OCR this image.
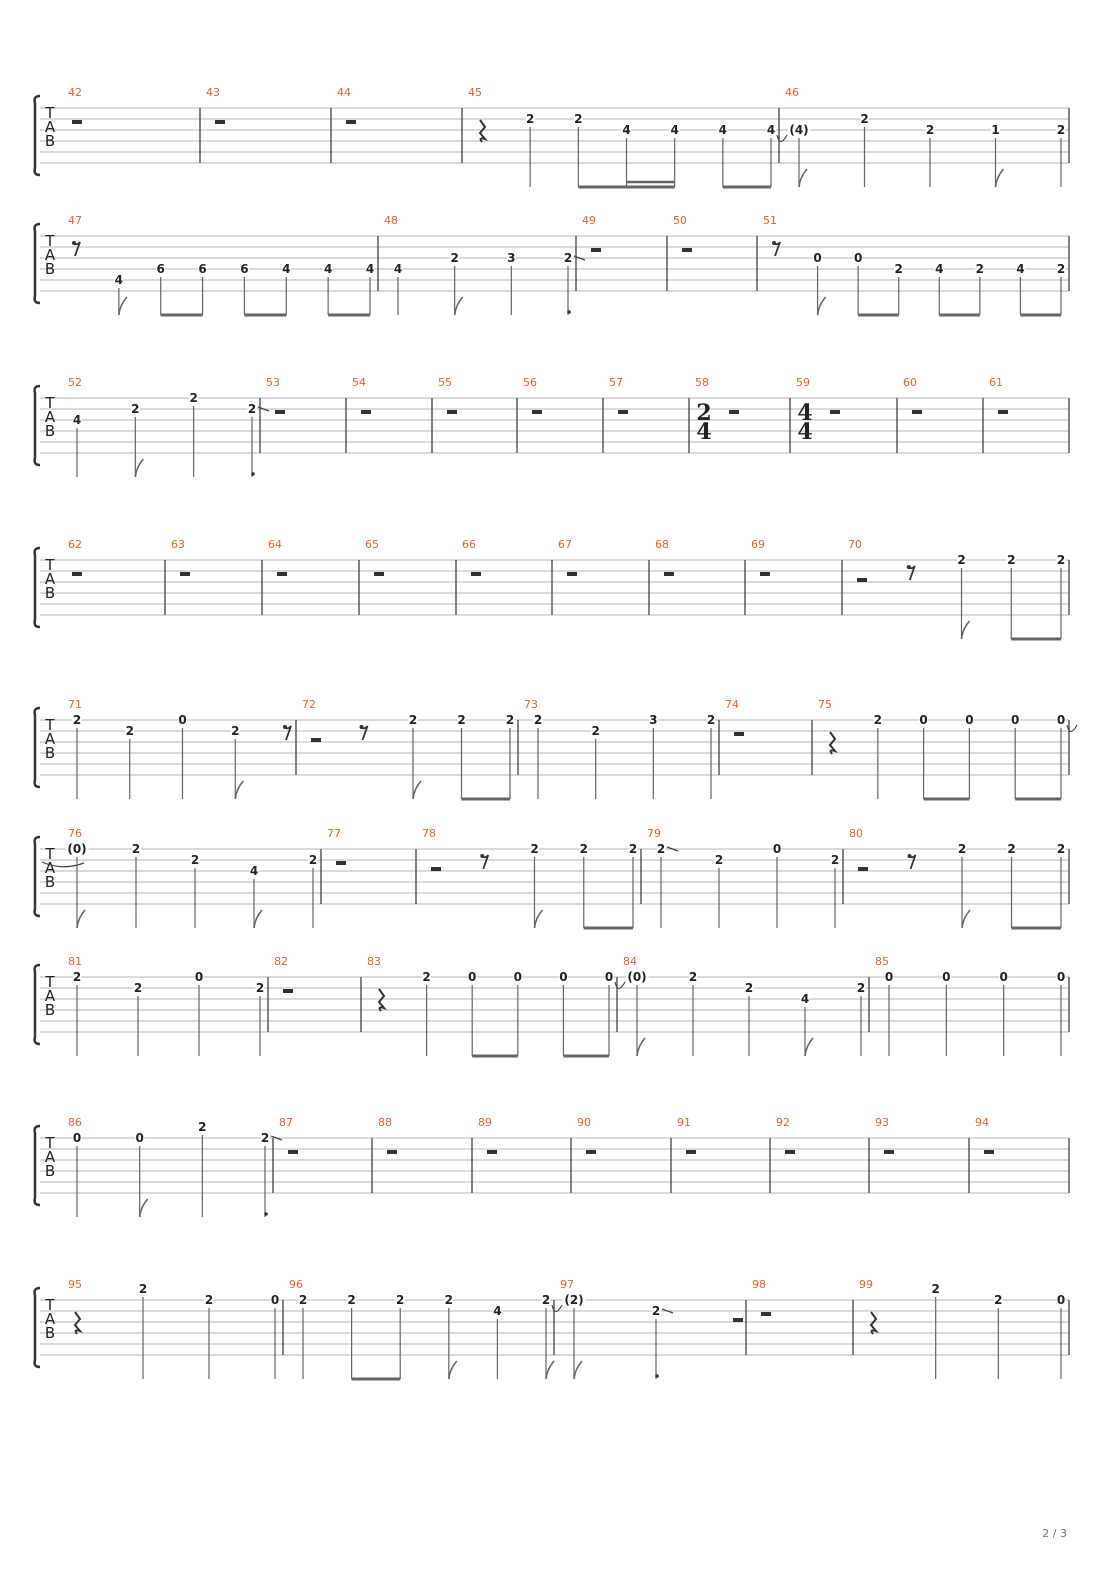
T
A
B
42	43	44	45
2	2
4	4	4	4
46
(4)
2
2	1	2
T
A
B
47
4
6	6	6	4	4	4
48
4
2	3	2
49	50	51
0	0
2	4	2	4	2
T
A
B
52
4
2
2
2
53	54	55	56	57	58
2
4
59
4
4
60	61
T
A
B
62	63	64	65	66	67	68	69	70
2	2	2
T
A
B
71
2
2
0
2
72
2	2	2
73
2
2
3	2
74	75
2	0	0	0	0
T
A
B
76
(0)	2
2
4
2
77	78
2	2	2
79
2
2
0
2
80
2	2	2
T
A
B
81
2
2
0
2
82	83
2	0	0	0	0
84
(0)	2
2
4
2
85
0	0	0	0
T
A
B
86
0	0
2
2
87	88	89	90	91	92	93	94
T
A
B
95	2
2	0
96
2	2	2	2
4
2
97
(2)
2
98	99	2
2	0
2 / 3
